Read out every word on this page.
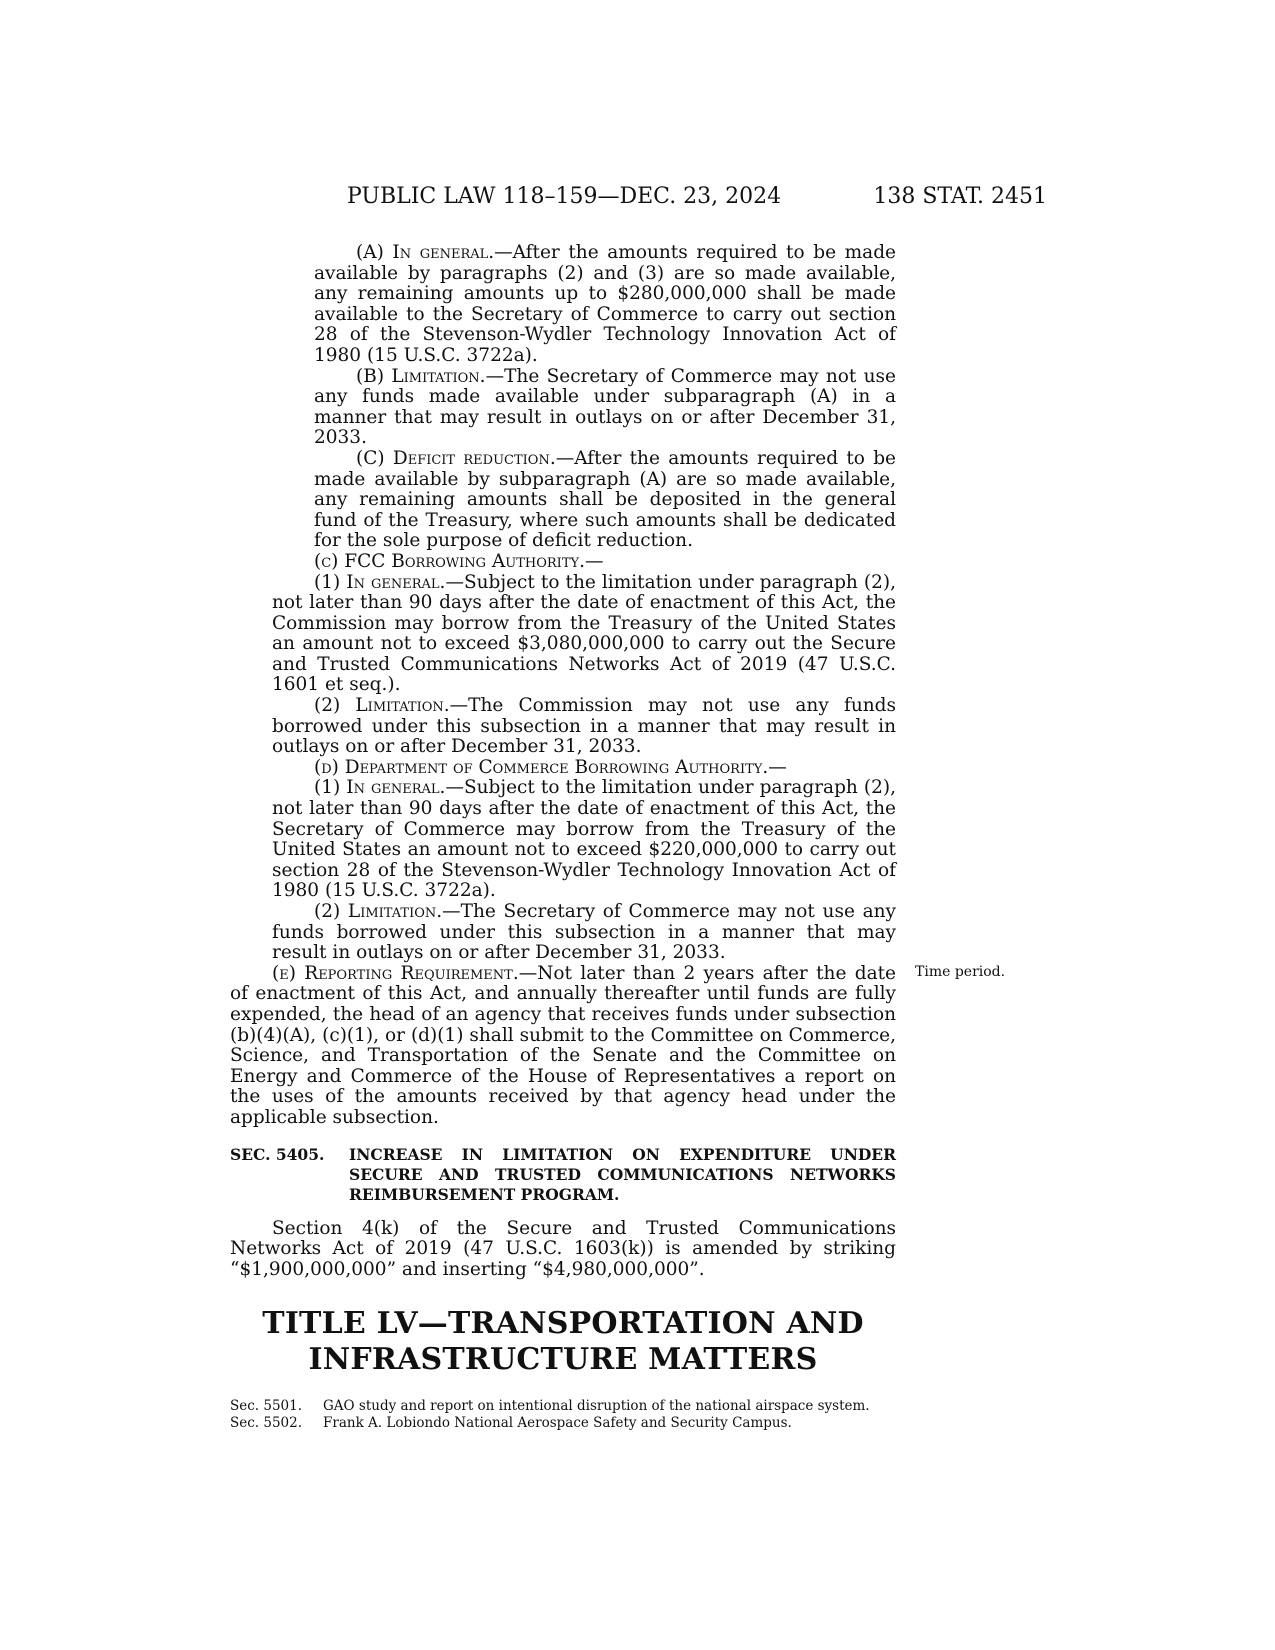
PUBLIC LAW 118–159—DEC. 23, 2024	138 STAT. 2451
Time period.

(A) In general.—After the amounts required to be made available by paragraphs (2) and (3) are so made available, any remaining amounts up to $280,000,000 shall be made available to the Secretary of Commerce to carry out section 28 of the Stevenson-Wydler Technology Innovation Act of 1980 (15 U.S.C. 3722a).

(B) Limitation.—The Secretary of Commerce may not use any funds made available under subparagraph (A) in a manner that may result in outlays on or after December 31, 2033.

(C) Deficit reduction.—After the amounts required to be made available by subparagraph (A) are so made available, any remaining amounts shall be deposited in the general fund of the Treasury, where such amounts shall be dedicated for the sole purpose of deficit reduction.

(c) FCC Borrowing Authority.—

(1) In general.—Subject to the limitation under paragraph (2), not later than 90 days after the date of enactment of this Act, the Commission may borrow from the Treasury of the United States an amount not to exceed $3,080,000,000 to carry out the Secure and Trusted Communications Networks Act of 2019 (47 U.S.C. 1601 et seq.).

(2) Limitation.—The Commission may not use any funds borrowed under this subsection in a manner that may result in outlays on or after December 31, 2033.

(d) Department of Commerce Borrowing Authority.—

(1) In general.—Subject to the limitation under paragraph (2), not later than 90 days after the date of enactment of this Act, the Secretary of Commerce may borrow from the Treasury of the United States an amount not to exceed $220,000,000 to carry out section 28 of the Stevenson-Wydler Technology Innovation Act of 1980 (15 U.S.C. 3722a).

(2) Limitation.—The Secretary of Commerce may not use any funds borrowed under this subsection in a manner that may result in outlays on or after December 31, 2033.

(e) Reporting Requirement.—Not later than 2 years after the date of enactment of this Act, and annually thereafter until funds are fully expended, the head of an agency that receives funds under subsection (b)(4)(A), (c)(1), or (d)(1) shall submit to the Committee on Commerce, Science, and Transportation of the Senate and the Committee on Energy and Commerce of the House of Representatives a report on the uses of the amounts received by that agency head under the applicable subsection.

SEC. 5405. INCREASE IN LIMITATION ON EXPENDITURE UNDER SECURE AND TRUSTED COMMUNICATIONS NETWORKS REIMBURSEMENT PROGRAM.

Section 4(k) of the Secure and Trusted Communications Networks Act of 2019 (47 U.S.C. 1603(k)) is amended by striking “$1,900,000,000” and inserting “$4,980,000,000”.

TITLE LV—TRANSPORTATION AND
INFRASTRUCTURE MATTERS
Sec. 5501. GAO study and report on intentional disruption of the national airspace system.
Sec. 5502. Frank A. Lobiondo National Aerospace Safety and Security Campus.
